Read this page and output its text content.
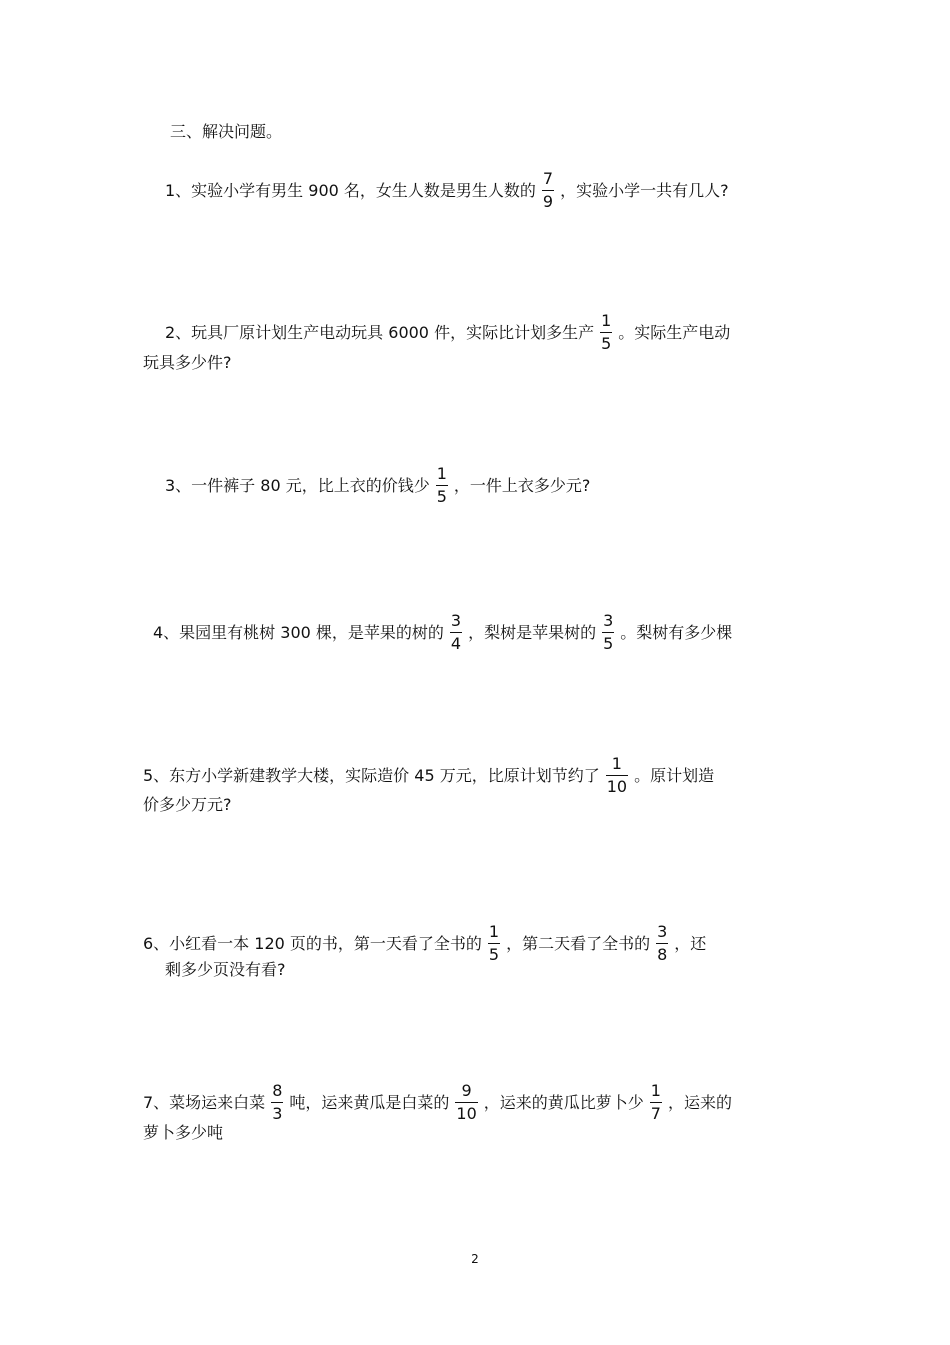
三、解决问题。
1、实验小学有男生 900 名，女生人数是男生人数的 $\frac{7}{9}$ ，实验小学一共有几人?
2、玩具厂原计划生产电动玩具 6000 件，实际比计划多生产 $\frac{1}{5}$ 。实际生产电动
玩具多少件?
3、一件裤子 80 元，比上衣的价钱少 $\frac{1}{5}$ ，一件上衣多少元?
4、果园里有桃树 300 棵，是苹果的树的 $\frac{3}{4}$ ，梨树是苹果树的 $\frac{3}{5}$ 。梨树有多少棵
5、东方小学新建教学大楼，实际造价 45 万元，比原计划节约了 $\frac{1}{10}$ 。原计划造
价多少万元?
6、小红看一本 120 页的书，第一天看了全书的 $\frac{1}{5}$ ，第二天看了全书的 $\frac{3}{8}$ ，还
剩多少页没有看?
7、菜场运来白菜 $\frac{8}{3}$ 吨，运来黄瓜是白菜的 $\frac{9}{10}$ ，运来的黄瓜比萝卜少 $\frac{1}{7}$ ，运来的
萝卜多少吨
2
